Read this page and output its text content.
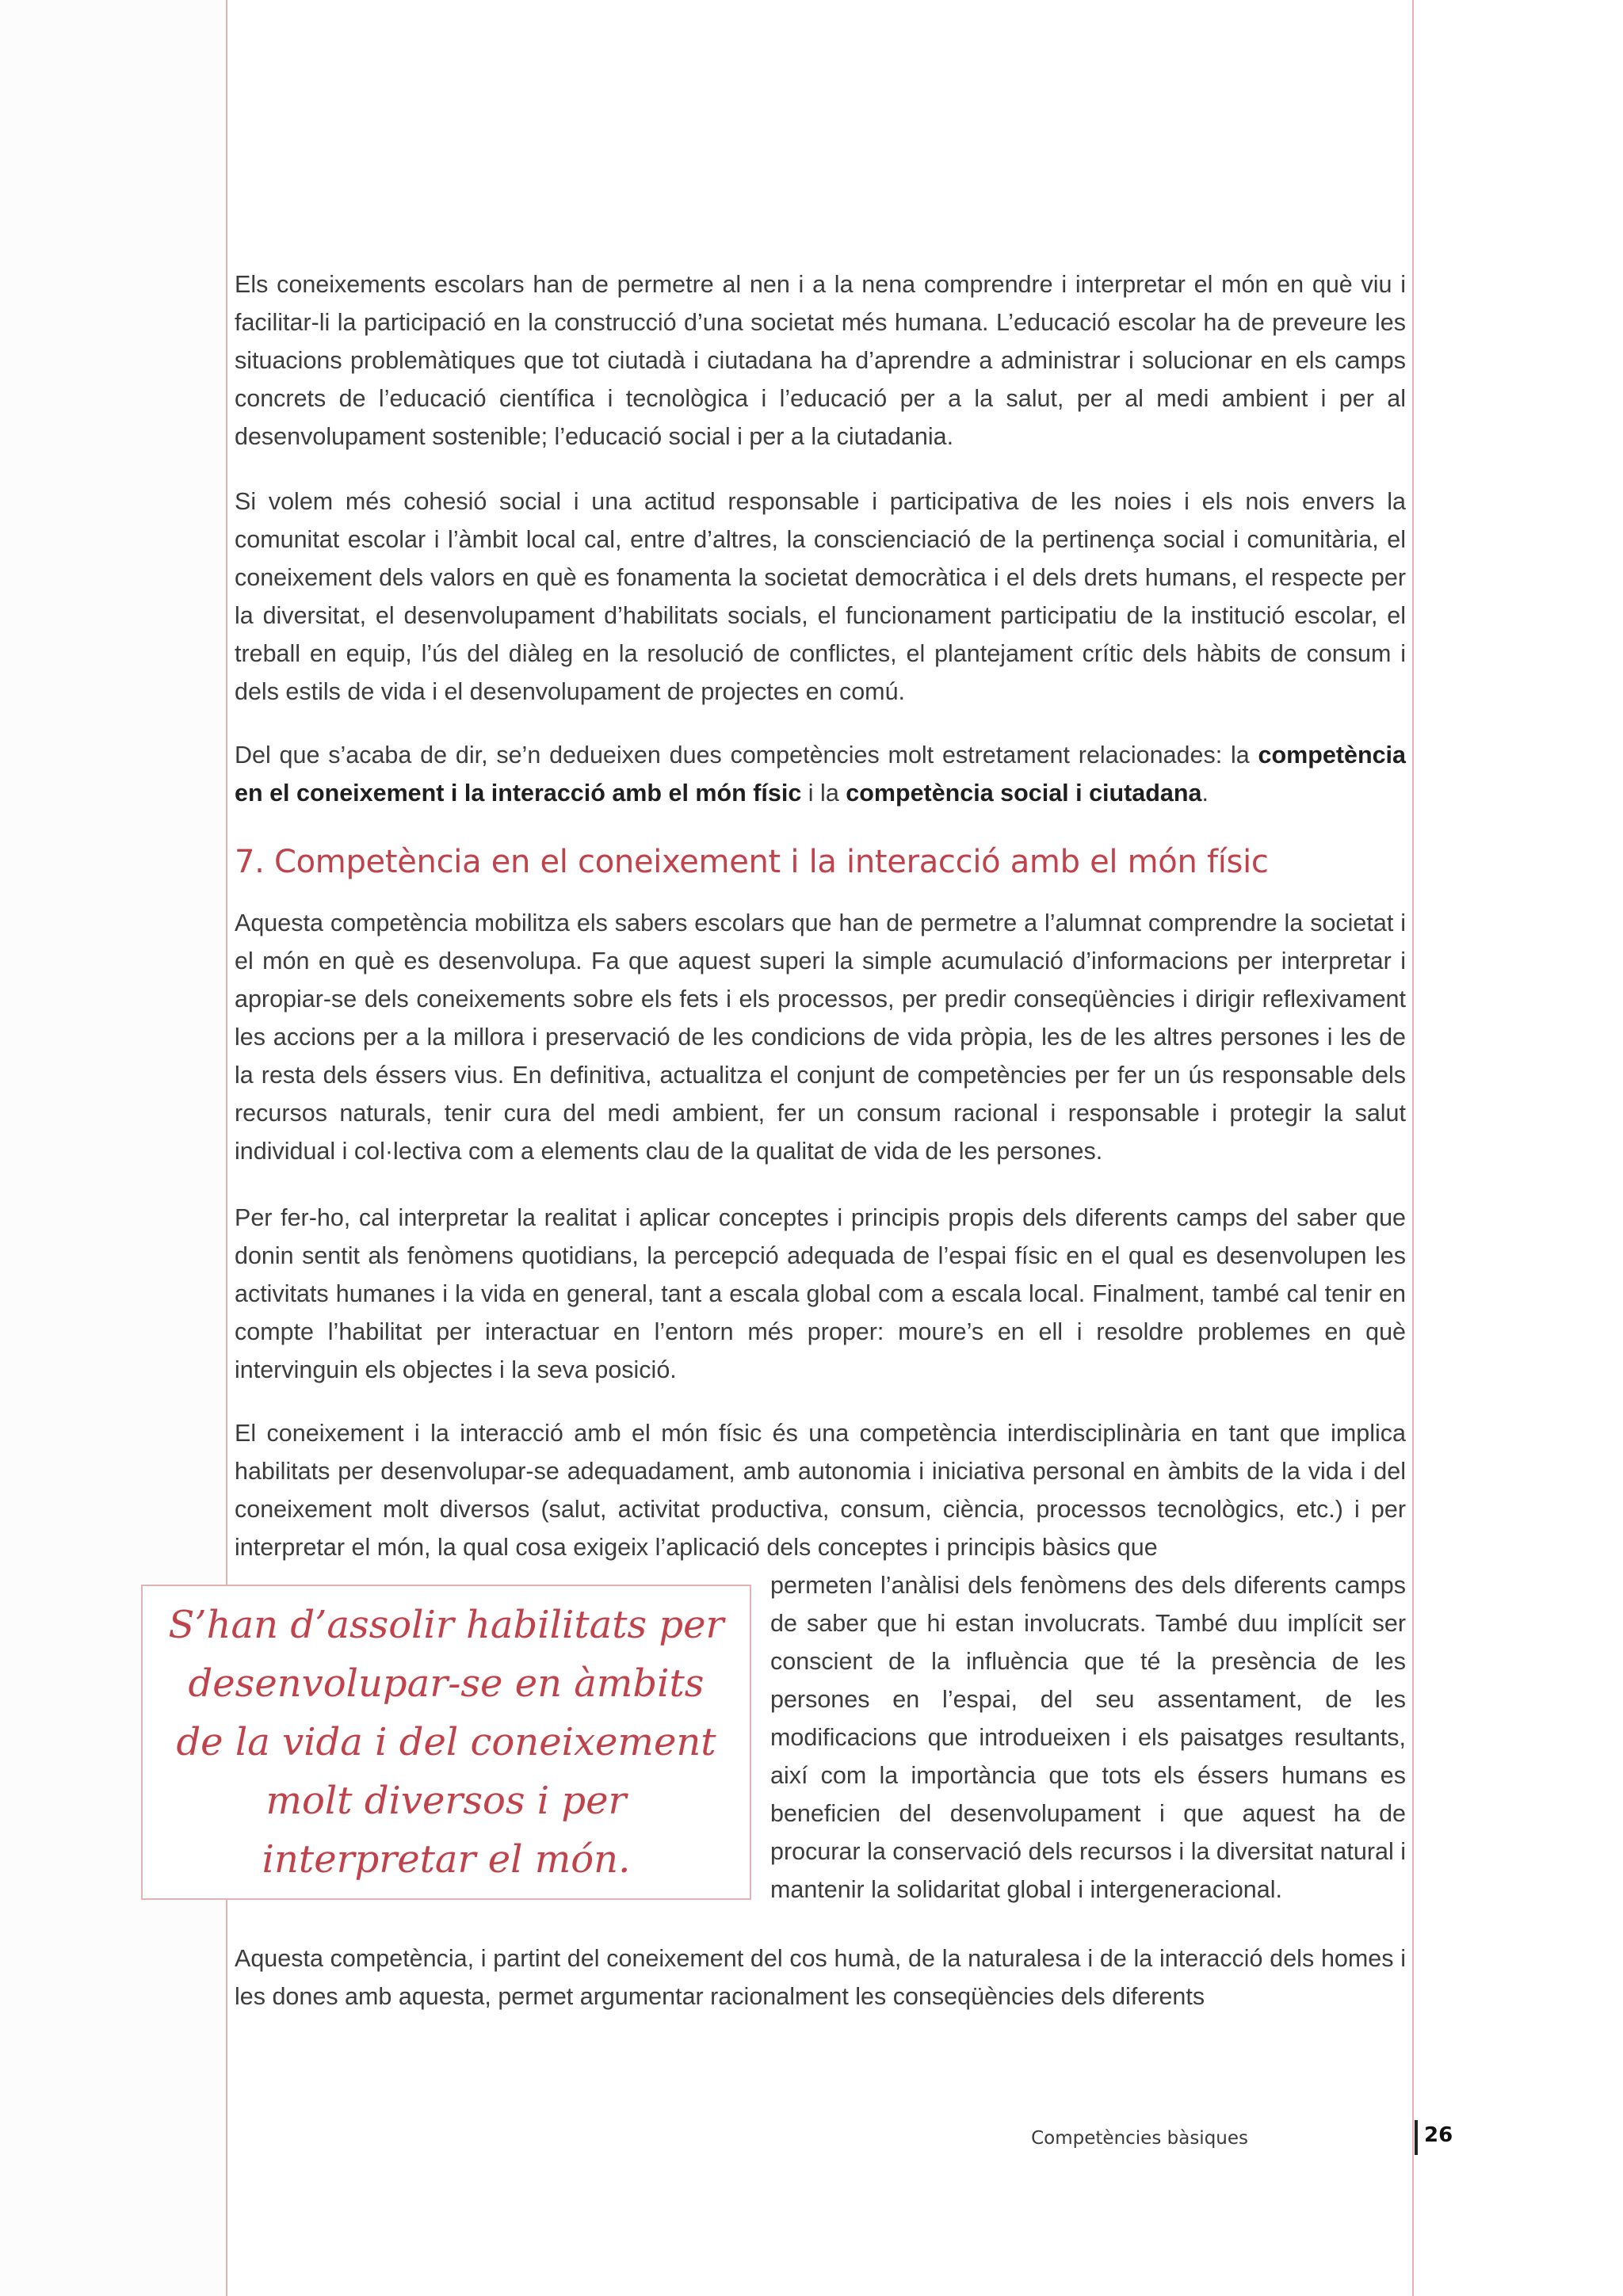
Els coneixements escolars han de permetre al nen i a la nena comprendre i interpretar el món en què viu i facilitar-li la participació en la construcció d’una societat més humana. L’educació escolar ha de preveure les situacions problemàtiques que tot ciutadà i ciutadana ha d’aprendre a administrar i solucionar en els camps concrets de l’educació científica i tecnològica i l’educació per a la salut, per al medi ambient i per al desenvolupament sostenible; l’educació social i per a la ciutadania.

Si volem més cohesió social i una actitud responsable i participativa de les noies i els nois envers la comunitat escolar i l’àmbit local cal, entre d’altres, la conscienciació de la pertinença social i comunitària, el coneixement dels valors en què es fonamenta la societat democràtica i el dels drets humans, el respecte per la diversitat, el desenvolupament d’habilitats socials, el funcionament participatiu de la institució escolar, el treball en equip, l’ús del diàleg en la resolució de conflictes, el plantejament crític dels hàbits de consum i dels estils de vida i el desenvolupament de projectes en comú.

Del que s’acaba de dir, se’n dedueixen dues competències molt estretament relacionades: la competència en el coneixement i la interacció amb el món físic i la competència social i ciutadana.

7. Competència en el coneixement i la interacció amb el món físic

Aquesta competència mobilitza els sabers escolars que han de permetre a l’alumnat comprendre la societat i el món en què es desenvolupa. Fa que aquest superi la simple acumulació d’informacions per interpretar i apropiar-se dels coneixements sobre els fets i els processos, per predir conseqüències i dirigir reflexivament les accions per a la millora i preservació de les condicions de vida pròpia, les de les altres persones i les de la resta dels éssers vius. En definitiva, actualitza el conjunt de competències per fer un ús responsable dels recursos naturals, tenir cura del medi ambient, fer un consum racional i responsable i protegir la salut individual i col·lectiva com a elements clau de la qualitat de vida de les persones.

Per fer-ho, cal interpretar la realitat i aplicar conceptes i principis propis dels diferents camps del saber que donin sentit als fenòmens quotidians, la percepció adequada de l’espai físic en el qual es desenvolupen les activitats humanes i la vida en general, tant a escala global com a escala local. Finalment, també cal tenir en compte l’habilitat per interactuar en l’entorn més proper: moure’s en ell i resoldre problemes en què intervinguin els objectes i la seva posició.

El coneixement i la interacció amb el món físic és una competència interdisciplinària en tant que implica habilitats per desenvolupar-se adequadament, amb autonomia i iniciativa personal en àmbits de la vida i del coneixement molt diversos (salut, activitat productiva, consum, ciència, processos tecnològics, etc.) i per interpretar el món, la qual cosa exigeix l’aplicació dels conceptes i principis bàsics que

permeten l’anàlisi dels fenòmens des dels diferents camps de saber que hi estan involucrats. També duu implícit ser conscient de la influència que té la presència de les persones en l’espai, del seu assentament, de les modificacions que introdueixen i els paisatges resultants, així com la importància que tots els éssers humans es beneficien del desenvolupament i que aquest ha de procurar la conservació dels recursos i la diversitat natural i mantenir la solidaritat global i intergeneracional.

S’han d’assolir habilitats per desenvolupar-se en àmbits de la vida i del coneixement molt diversos i per interpretar el món.

Aquesta competència, i partint del coneixement del cos humà, de la naturalesa i de la interacció dels homes i les dones amb aquesta, permet argumentar racionalment les conseqüències dels diferents

Competències bàsiques	26
